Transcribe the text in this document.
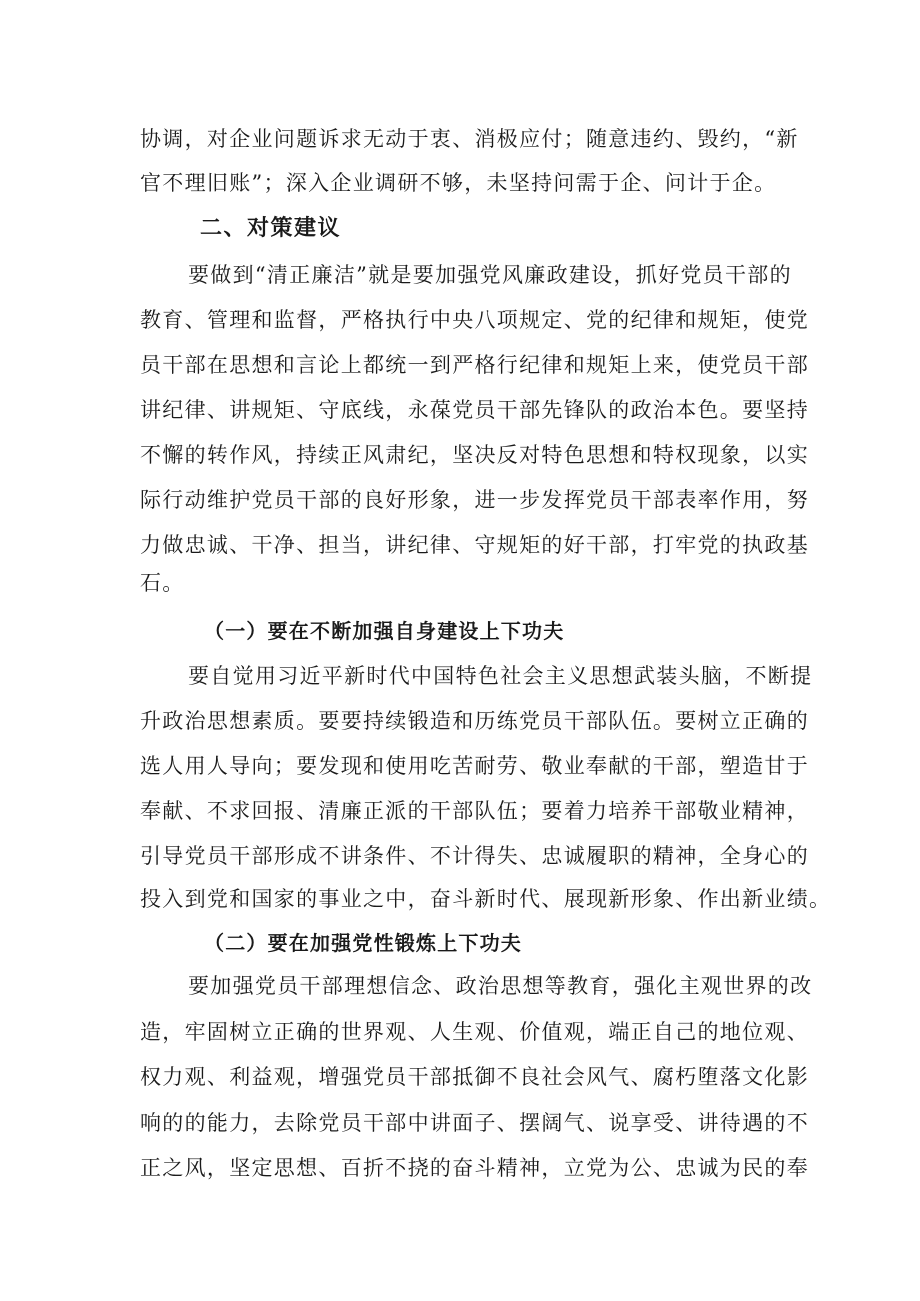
协调，对企业问题诉求无动于衷、消极应付；随意违约、毁约，“新
官不理旧账”；深入企业调研不够，未坚持问需于企、问计于企。
二、对策建议
要做到“清正廉洁”就是要加强党风廉政建设，抓好党员干部的
教育、管理和监督，严格执行中央八项规定、党的纪律和规矩，使党
员干部在思想和言论上都统一到严格行纪律和规矩上来，使党员干部
讲纪律、讲规矩、守底线，永葆党员干部先锋队的政治本色。要坚持
不懈的转作风，持续正风肃纪，坚决反对特色思想和特权现象，以实
际行动维护党员干部的良好形象，进一步发挥党员干部表率作用，努
力做忠诚、干净、担当，讲纪律、守规矩的好干部，打牢党的执政基
石。
（一）要在不断加强自身建设上下功夫
要自觉用习近平新时代中国特色社会主义思想武装头脑，不断提
升政治思想素质。要要持续锻造和历练党员干部队伍。要树立正确的
选人用人导向；要发现和使用吃苦耐劳、敬业奉献的干部，塑造甘于
奉献、不求回报、清廉正派的干部队伍；要着力培养干部敬业精神，
引导党员干部形成不讲条件、不计得失、忠诚履职的精神，全身心的
投入到党和国家的事业之中，奋斗新时代、展现新形象、作出新业绩。
（二）要在加强党性锻炼上下功夫
要加强党员干部理想信念、政治思想等教育，强化主观世界的改
造，牢固树立正确的世界观、人生观、价值观，端正自己的地位观、
权力观、利益观，增强党员干部抵御不良社会风气、腐朽堕落文化影
响的的能力，去除党员干部中讲面子、摆阔气、说享受、讲待遇的不
正之风，坚定思想、百折不挠的奋斗精神，立党为公、忠诚为民的奉
